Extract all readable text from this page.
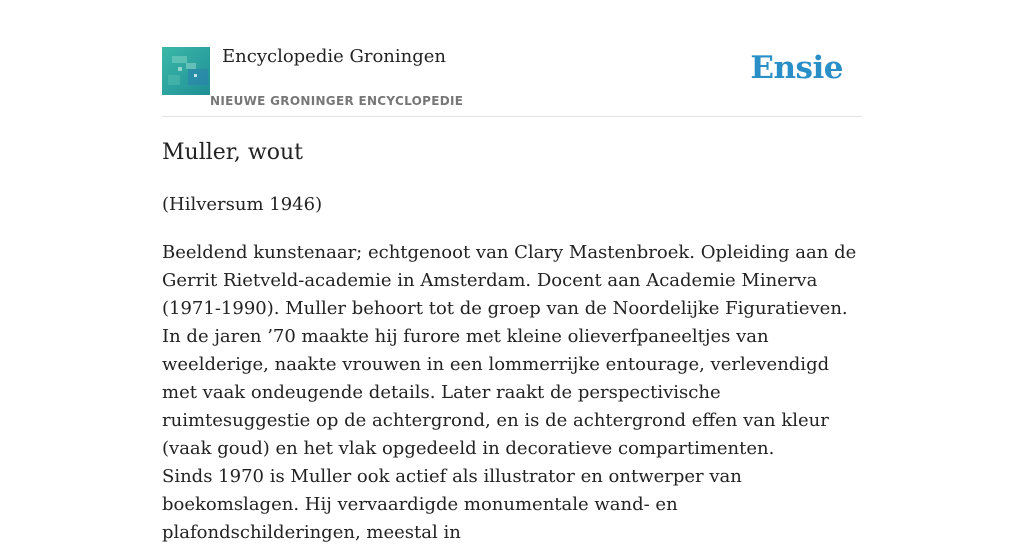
Encyclopedie Groningen
NIEUWE GRONINGER ENCYCLOPEDIE
Ensie
Muller, wout

(Hilversum 1946)

Beeldend kunstenaar; echtgenoot van Clary Mastenbroek. Opleiding aan de Gerrit Rietveld-academie in Amsterdam. Docent aan Academie Minerva (1971-1990). Muller behoort tot de groep van de Noordelijke Figuratieven. In de jaren ’70 maakte hij furore met kleine olieverfpaneeltjes van weelderige, naakte vrouwen in een lommerrijke entourage, verlevendigd met vaak ondeugende details. Later raakt de perspectivische ruimtesuggestie op de achtergrond, en is de achtergrond effen van kleur (vaak goud) en het vlak opgedeeld in decoratieve compartimenten.

Sinds 1970 is Muller ook actief als illustrator en ontwerper van boekomslagen. Hij vervaardigde monumentale wand- en plafondschilderingen, meestal in
